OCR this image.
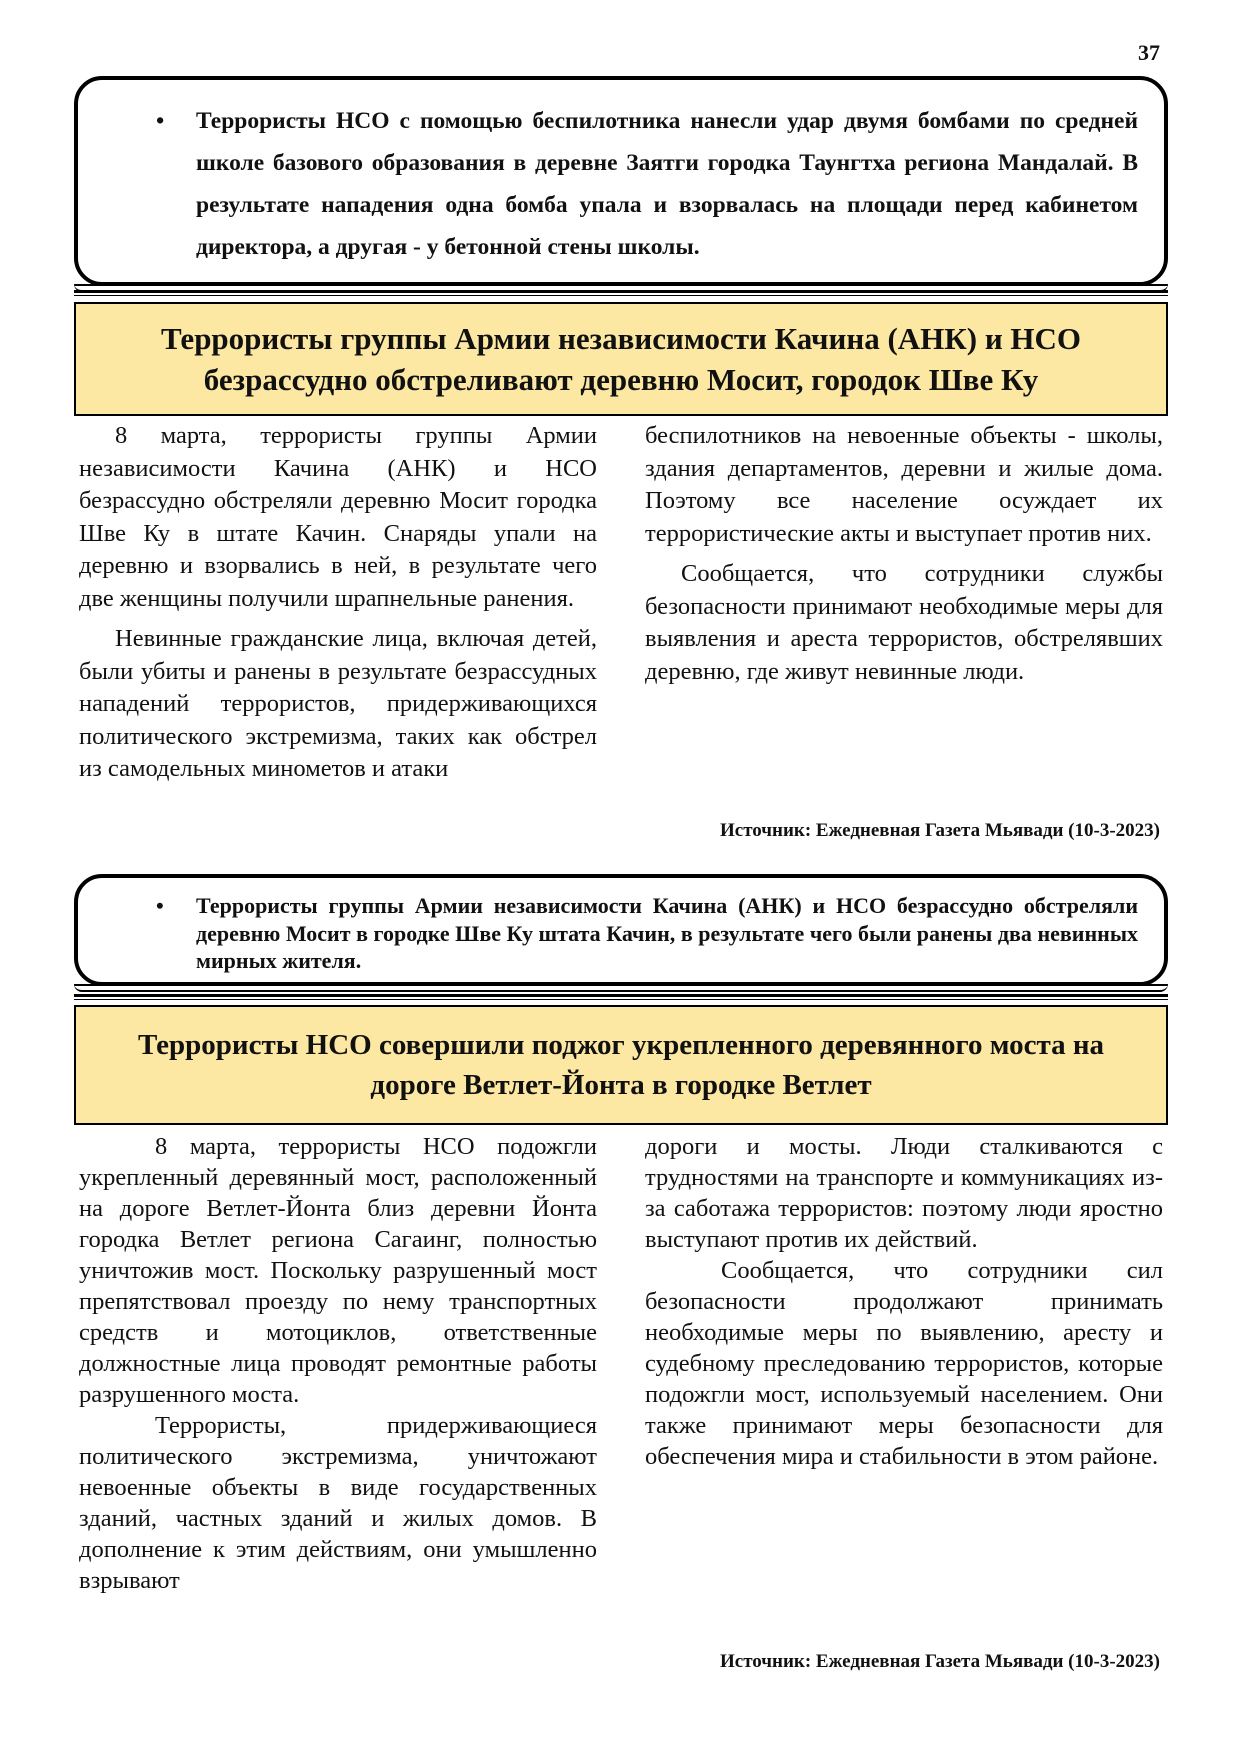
37
• Террористы НСО с помощью беспилотника нанесли удар двумя бомбами по средней школе базового образования в деревне Заятги городка Таунгтха региона Мандалай. В результате нападения одна бомба упала и взорвалась на площади перед кабинетом директора, а другая - у бетонной стены школы.
Террористы группы Армии независимости Качина (АНК) и НСО безрассудно обстреливают деревню Мосит, городок Шве Ку

8 марта, террористы группы Армии независимости Качина (АНК) и НСО безрассудно обстреляли деревню Мосит городка Шве Ку в штате Качин. Снаряды упали на деревню и взорвались в ней, в результате чего две женщины получили шрапнельные ранения.

Невинные гражданские лица, включая детей, были убиты и ранены в результате безрассудных нападений террористов, придерживающихся политического экстремизма, таких как обстрел из самодельных минометов и атаки

беспилотников на невоенные объекты - школы, здания департаментов, деревни и жилые дома. Поэтому все население осуждает их террористические акты и выступает против них.

Сообщается, что сотрудники службы безопасности принимают необходимые меры для выявления и ареста террористов, обстрелявших деревню, где живут невинные люди.

Источник: Ежедневная Газета Мьявади (10-3-2023)
• Террористы группы Армии независимости Качина (АНК) и НСО безрассудно обстреляли деревню Мосит в городке Шве Ку штата Качин, в результате чего были ранены два невинных мирных жителя.
Террористы НСО совершили поджог укрепленного деревянного моста на дороге Ветлет-Йонта в городке Ветлет

8 марта, террористы НСО подожгли укрепленный деревянный мост, расположенный на дороге Ветлет-Йонта близ деревни Йонта городка Ветлет региона Сагаинг, полностью уничтожив мост. Поскольку разрушенный мост препятствовал проезду по нему транспортных средств и мотоциклов, ответственные должностные лица проводят ремонтные работы разрушенного моста.

Террористы, придерживающиеся политического экстремизма, уничтожают невоенные объекты в виде государственных зданий, частных зданий и жилых домов. В дополнение к этим действиям, они умышленно взрывают

дороги и мосты. Люди сталкиваются с трудностями на транспорте и коммуникациях из-за саботажа террористов: поэтому люди яростно выступают против их действий.

Сообщается, что сотрудники сил безопасности продолжают принимать необходимые меры по выявлению, аресту и судебному преследованию террористов, которые подожгли мост, используемый населением. Они также принимают меры безопасности для обеспечения мира и стабильности в этом районе.

Источник: Ежедневная Газета Мьявади (10-3-2023)
